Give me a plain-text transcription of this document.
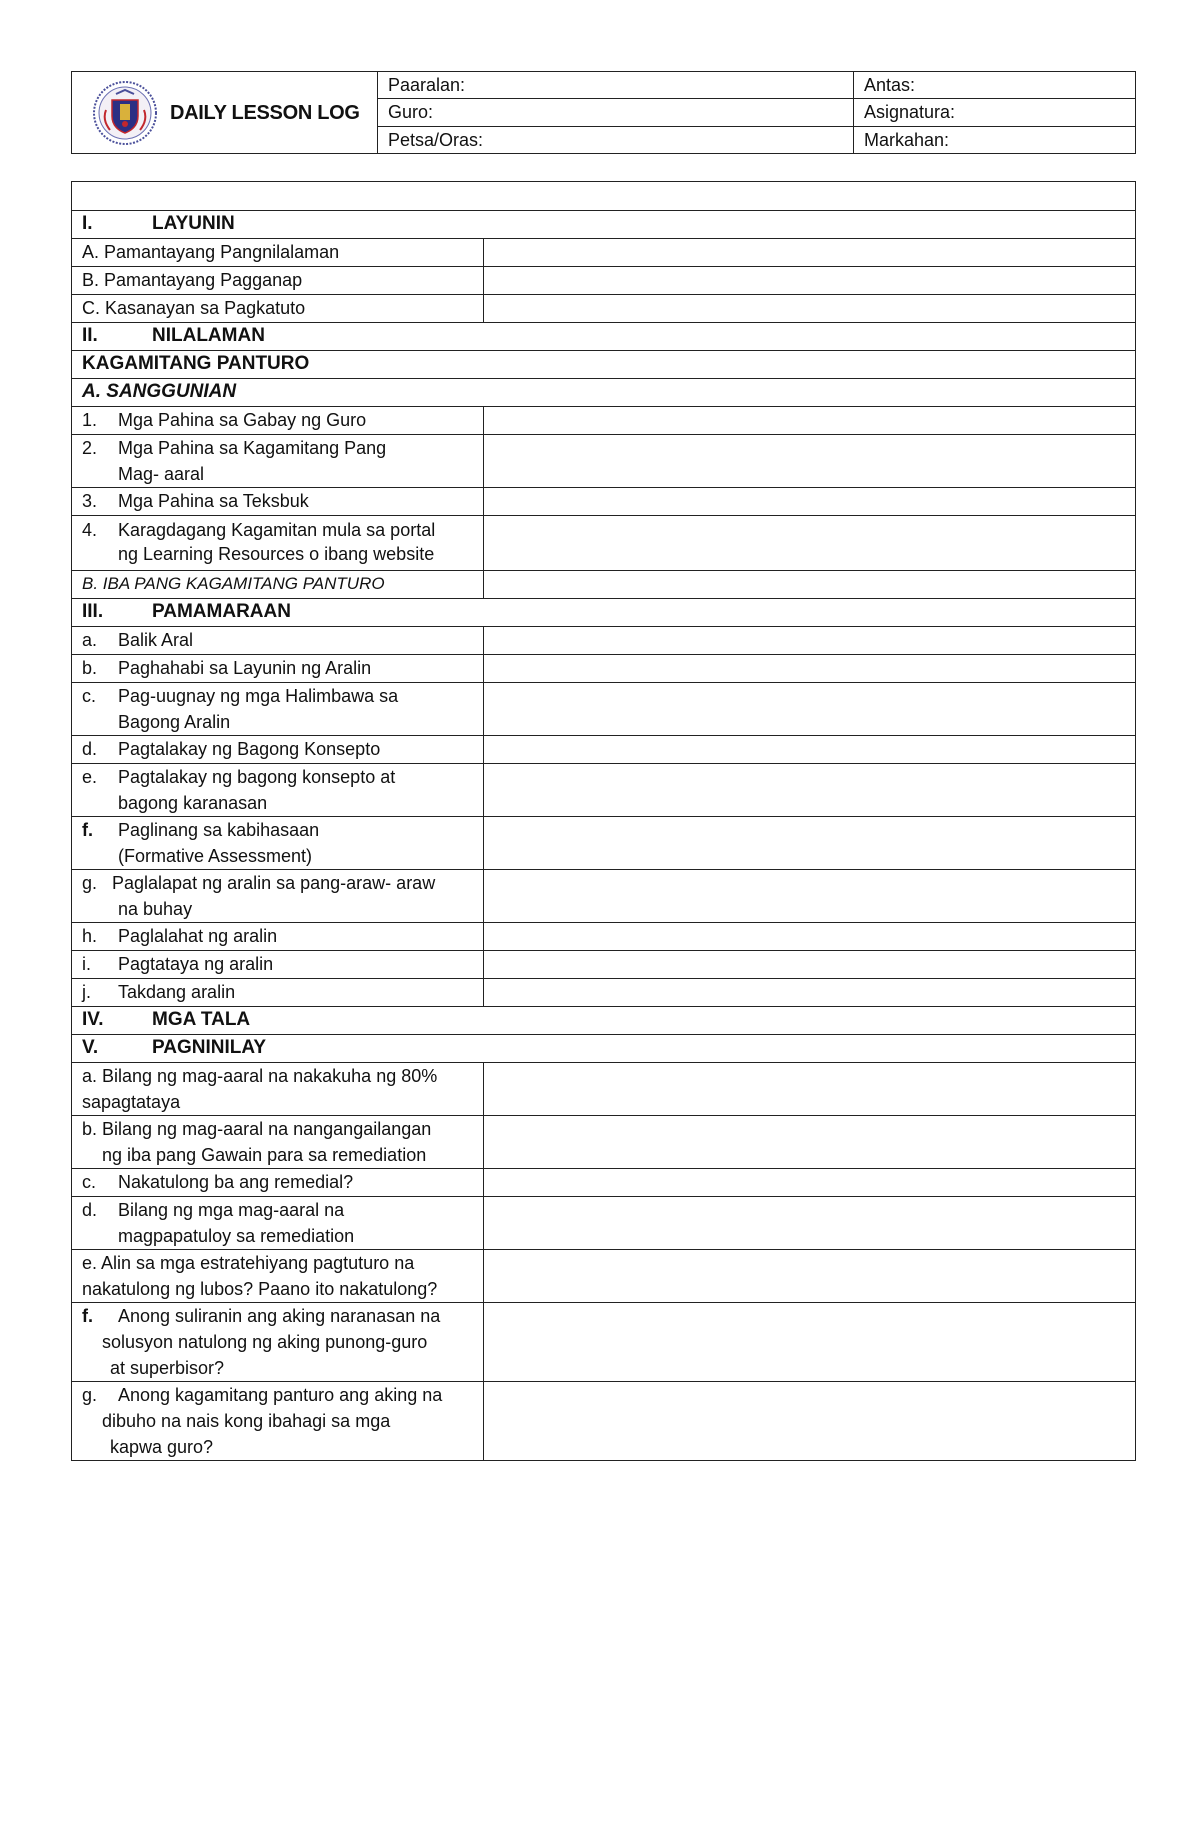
DAILY LESSON LOG	Paaralan:	Antas:
	Guro:	Asignatura:
	Petsa/Oras:	Markahan:

I. LAYUNIN	
A. Pamantayang Pangnilalaman	
B. Pamantayang Pagganap	
C. Kasanayan sa Pagkatuto	
II. NILALAMAN	
KAGAMITANG PANTURO	
A. SANGGUNIAN	
1. Mga Pahina sa Gabay ng Guro	

2. Mga Pahina sa Kagamitang Pang
Mag- aaral	

3. Mga Pahina sa Teksbuk	

4. Karagdagang Kagamitan mula sa portal
ng Learning Resources o ibang website	

B. IBA PANG KAGAMITANG PANTURO	
III. PAMAMARAAN	
a. Balik Aral	
b. Paghahabi sa Layunin ng Aralin	

c. Pag-uugnay ng mga Halimbawa sa
Bagong Aralin	

d. Pagtalakay ng Bagong Konsepto	

e. Pagtalakay ng bagong konsepto at
bagong karanasan	

f. Paglinang sa kabihasaan
(Formative Assessment)	

g. Paglalapat ng aralin sa pang-araw- araw
na buhay	

h. Paglalahat ng aralin	
i. Pagtataya ng aralin	
j. Takdang aralin	
IV. MGA TALA	
V. PAGNINILAY	

a. Bilang ng mag-aaral na nakakuha ng 80%
sapagtataya	

b. Bilang ng mag-aaral na nangangailangan
ng iba pang Gawain para sa remediation	

c. Nakatulong ba ang remedial?	

d. Bilang ng mga mag-aaral na
magpapatuloy sa remediation	

e. Alin sa mga estratehiyang pagtuturo na
nakatulong ng lubos? Paano ito nakatulong?	

f. Anong suliranin ang aking naranasan na
solusyon natulong ng aking punong-guro
at superbisor?	

g. Anong kagamitang panturo ang aking na
dibuho na nais kong ibahagi sa mga
kapwa guro?	
